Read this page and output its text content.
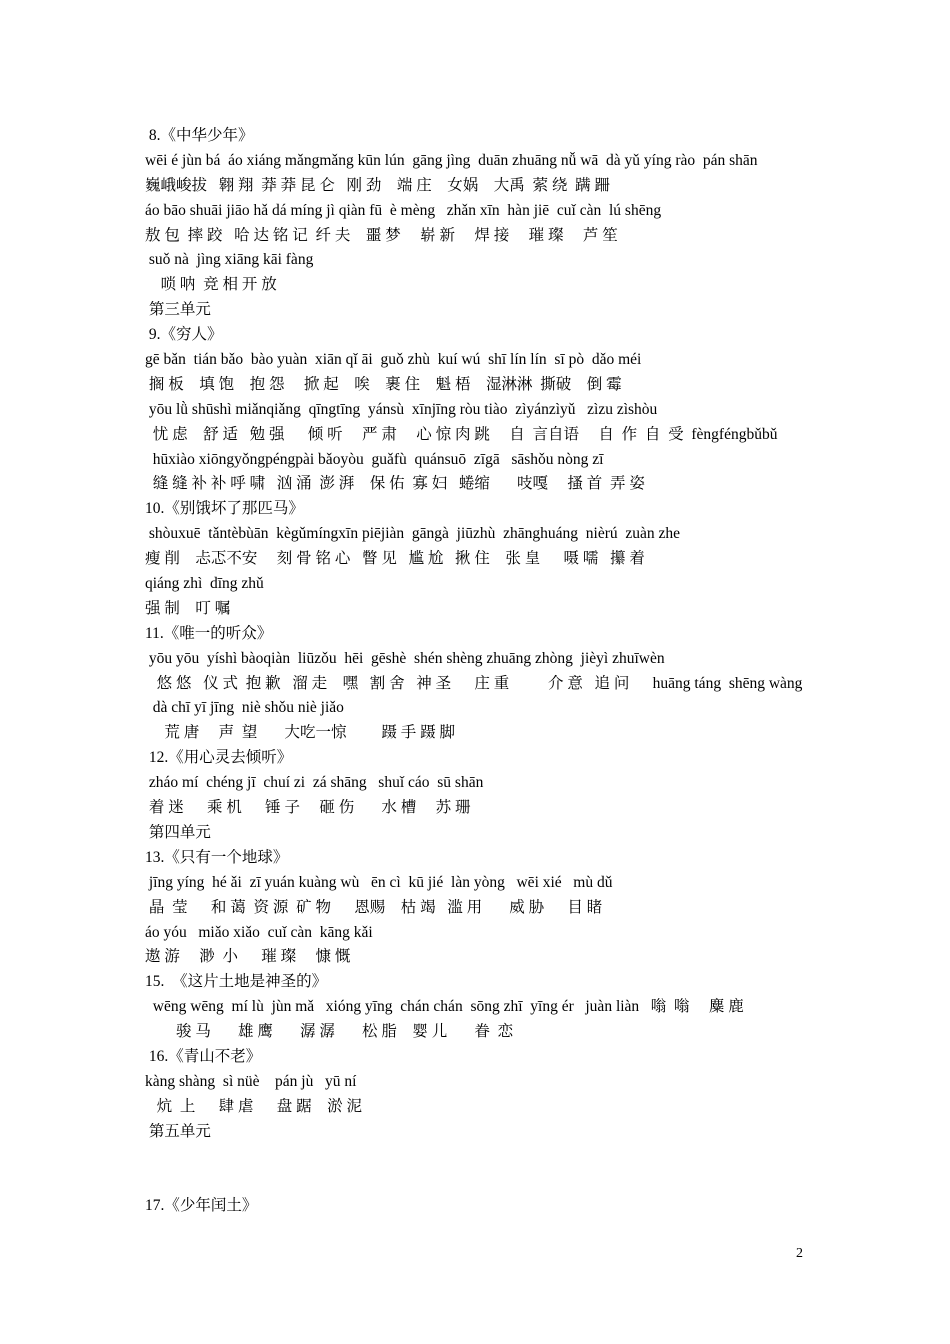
8.《中华少年》
wēi é jùn bá  áo xiáng mǎngmǎng kūn lún  gāng jìng  duān zhuāng nǚ wā  dà yǔ yíng rào  pán shān
巍峨峻拔   翱 翔  莽 莽 昆 仑   刚 劲    端 庄    女娲    大禹  萦 绕  蹒 跚
áo bāo shuāi jiāo hǎ dá míng jì qiàn fū  è mèng   zhǎn xīn  hàn jiē  cuǐ càn  lú shēng
敖 包  摔 跤   哈 达 铭 记  纤 夫    噩 梦     崭 新     焊 接     璀 璨     芦 笙
suǒ nà  jìng xiāng kāi fàng
唢 呐  竞 相 开 放
第三单元
9.《穷人》
gē bǎn  tián bǎo  bào yuàn  xiān qǐ āi  guǒ zhù  kuí wú  shī lín lín  sī pò  dǎo méi
搁 板    填 饱    抱 怨     掀 起    唉    裹 住    魁 梧    湿淋淋  撕破    倒 霉
yōu lǜ shūshì miǎnqiǎng  qīngtīng  yánsù  xīnjīng ròu tiào  zìyánzìyǔ   zìzu zìshòu
忧 虑    舒 适   勉 强      倾 听     严 肃     心 惊 肉 跳     自  言自语     自  作  自  受  fèngféngbǔbǔ
hūxiào xiōngyǒngpéngpài bǎoyòu  guǎfù  quánsuō  zīgā   sāshǒu nòng zī
缝 缝 补 补 呼 啸   汹 涌  澎 湃    保 佑  寡 妇   蜷缩       吱嘎     搔 首  弄 姿
10.《别饿坏了那匹马》
shòuxuē  tǎntèbùān  kègǔmíngxīn piējiàn  gāngà  jiūzhù  zhānghuáng  nièrú  zuàn zhe
瘦 削    忐忑不安     刻 骨 铭 心   瞥 见   尴 尬   揪 住    张 皇      嗫 嚅   攥 着
qiáng zhì  dīng zhǔ
强 制    叮 嘱
11.《唯一的听众》
yōu yōu  yíshì bàoqiàn  liūzǒu  hēi  gēshè  shén shèng zhuāng zhòng  jièyì zhuīwèn
悠 悠   仪 式  抱 歉   溜 走    嘿   割 舍   神 圣      庄 重          介 意   追 问      huāng táng  shēng wàng
dà chī yī jīng  niè shǒu niè jiǎo
荒 唐     声  望       大吃一惊         蹑 手 蹑 脚
12.《用心灵去倾听》
zháo mí  chéng jī  chuí zi  zá shāng   shuǐ cáo  sū shān
着 迷      乘 机      锤 子     砸 伤       水 槽     苏 珊
第四单元
13.《只有一个地球》
jīng yíng  hé ǎi  zī yuán kuàng wù   ēn cì  kū jié  làn yòng   wēi xié   mù dǔ
晶  莹      和 蔼  资 源  矿 物      恩赐    枯 竭   滥 用       威 胁      目 睹
áo yóu   miǎo xiǎo  cuǐ càn  kāng kǎi
遨 游     渺  小      璀 璨     慷 慨
15.  《这片土地是神圣的》
wēng wēng  mí lù  jùn mǎ   xióng yīng  chán chán  sōng zhī  yīng ér   juàn liàn   嗡  嗡     麋 鹿
骏 马       雄 鹰       潺 潺       松 脂    婴 儿       眷  恋
16.《青山不老》
kàng shàng  sì nüè    pán jù   yū ní
炕  上      肆 虐      盘 踞    淤 泥
第五单元
17.《少年闰土》
2
